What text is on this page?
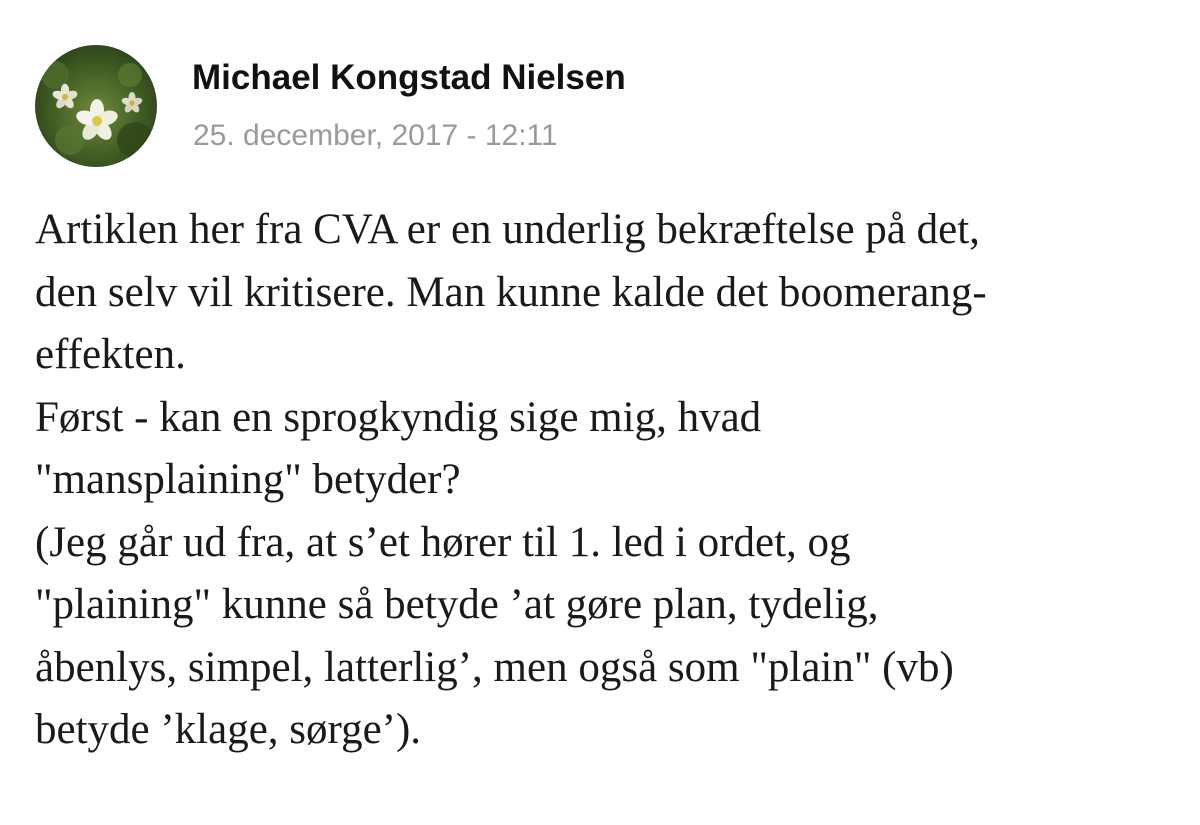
Michael Kongstad Nielsen
25. december, 2017 - 12:11
Artiklen her fra CVA er en underlig bekræftelse på det,
den selv vil kritisere. Man kunne kalde det boomerang-
effekten.
Først - kan en sprogkyndig sige mig, hvad
"mansplaining" betyder?
(Jeg går ud fra, at s’et hører til 1. led i ordet, og
"plaining" kunne så betyde ’at gøre plan, tydelig,
åbenlys, simpel, latterlig’, men også som "plain" (vb)
betyde ’klage, sørge’).
